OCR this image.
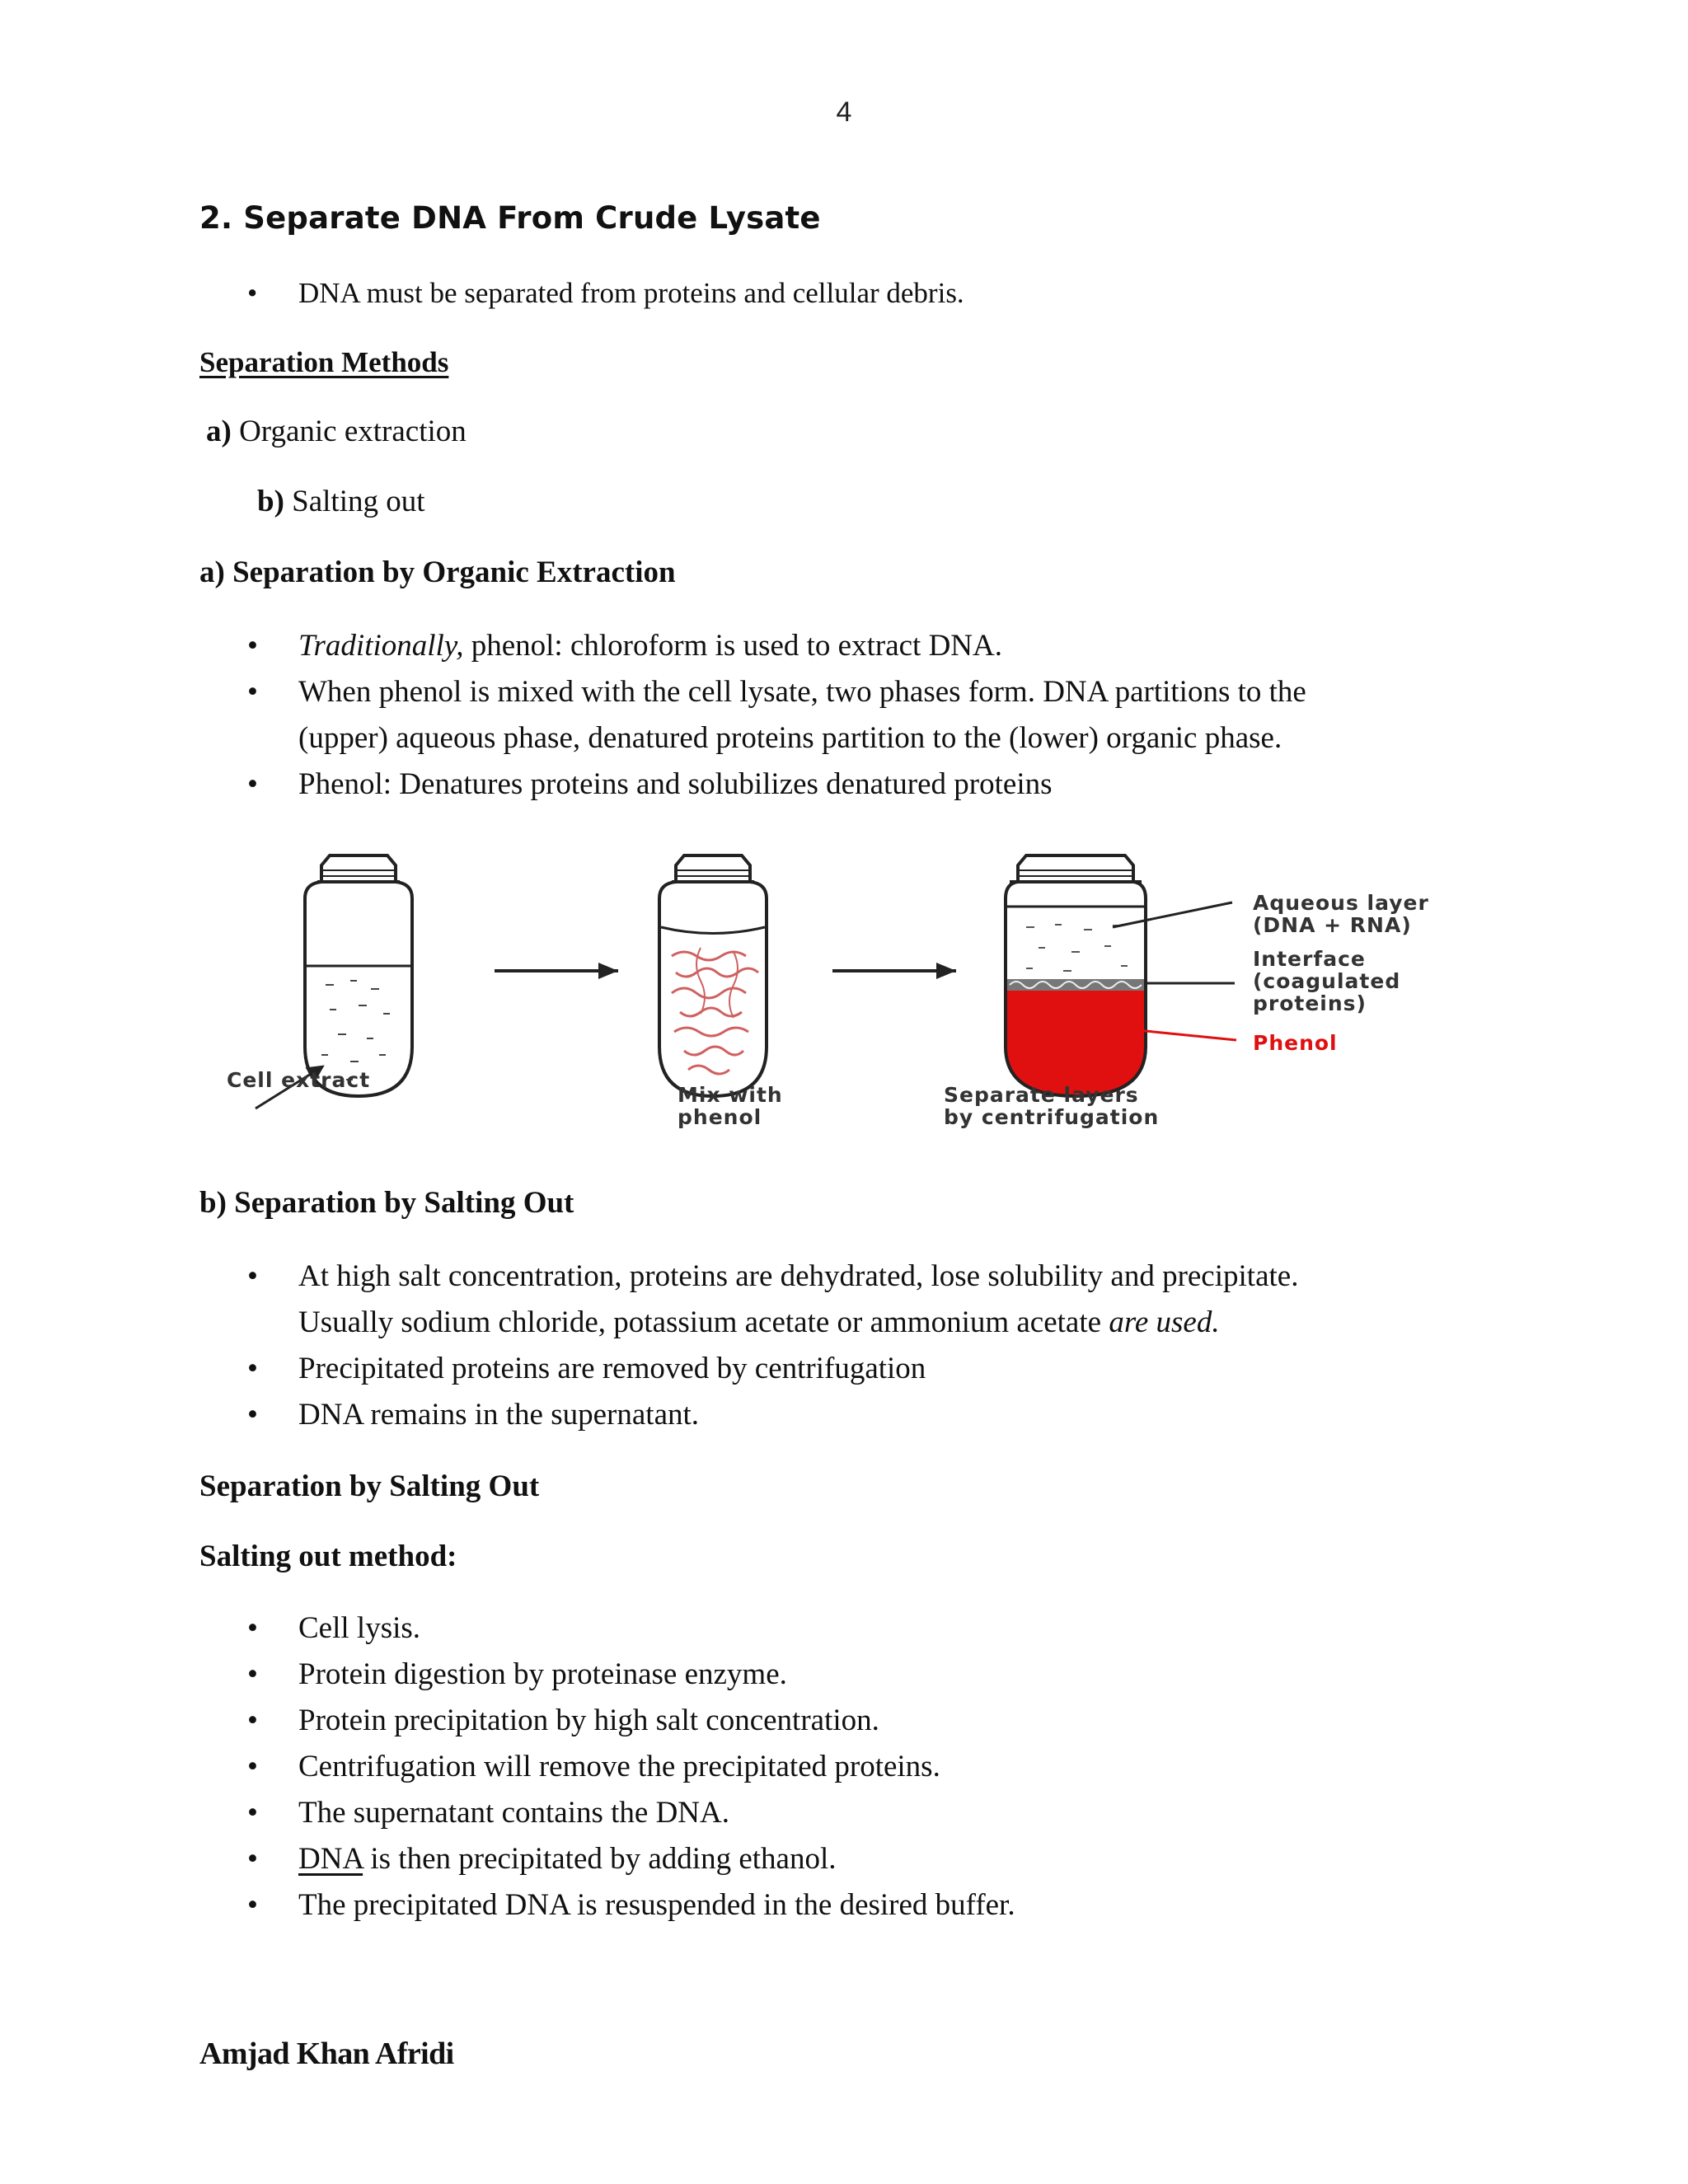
4
2. Separate DNA From Crude Lysate
• DNA must be separated from proteins and cellular debris.
Separation Methods
a) Organic extraction
b) Salting out
a) Separation by Organic Extraction
• Traditionally, phenol: chloroform is used to extract DNA.
• When phenol is mixed with the cell lysate, two phases form. DNA partitions to the
(upper) aqueous phase, denatured proteins partition to the (lower) organic phase.
• Phenol: Denatures proteins and solubilizes denatured proteins
Cell extract
Mix with
phenol
Separate layers
by centrifugation
Aqueous layer
(DNA + RNA)
Interface
(coagulated
proteins)
Phenol
b) Separation by Salting Out
• At high salt concentration, proteins are dehydrated, lose solubility and precipitate.
Usually sodium chloride, potassium acetate or ammonium acetate are used.
• Precipitated proteins are removed by centrifugation
• DNA remains in the supernatant.
Separation by Salting Out
Salting out method:
• Cell lysis.
• Protein digestion by proteinase enzyme.
• Protein precipitation by high salt concentration.
• Centrifugation will remove the precipitated proteins.
• The supernatant contains the DNA.
• DNA is then precipitated by adding ethanol.
• The precipitated DNA is resuspended in the desired buffer.
Amjad Khan Afridi
